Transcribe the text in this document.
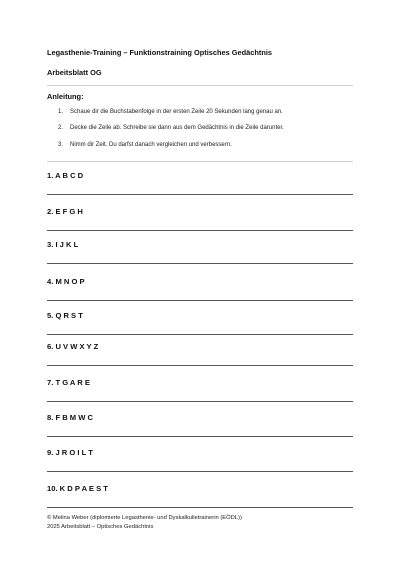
Legasthenie-Training – Funktionstraining Optisches Gedächtnis
Arbeitsblatt OG
Anleitung:
1. Schaue dir die Buchstabenfolge in der ersten Zeile 20 Sekunden lang genau an.
2. Decke die Zeile ab. Schreibe sie dann aus dem Gedächtnis in die Zeile darunter.
3. Nimm dir Zeit. Du darfst danach vergleichen und verbessern.
1. A B C D
2. E F G H
3. I J K L
4. M N O P
5. Q R S T
6. U V W X Y Z
7. T G A R E
8. F B M W C
9. J R O I L T
10. K D P A E S T
© Melina Weber (diplomierte Legasthenie- und Dyskalkulietrainerin (EÖDL))
2025 Arbeitsblatt – Optisches Gedächtnis
